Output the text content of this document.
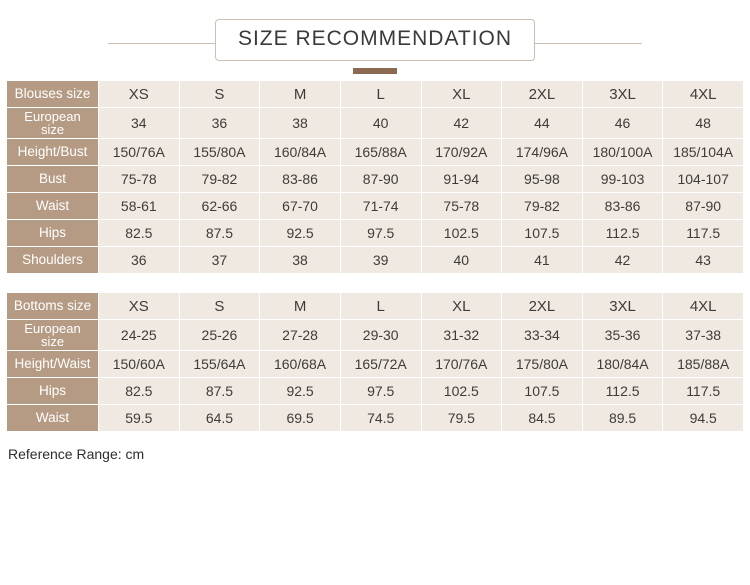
SIZE RECOMMENDATION
Blouses size	XS	S	M	L	XL	2XL	3XL	4XL
European
size	34	36	38	40	42	44	46	48
Height/Bust	150/76A	155/80A	160/84A	165/88A	170/92A	174/96A	180/100A	185/104A
Bust	75-78	79-82	83-86	87-90	91-94	95-98	99-103	104-107
Waist	58-61	62-66	67-70	71-74	75-78	79-82	83-86	87-90
Hips	82.5	87.5	92.5	97.5	102.5	107.5	112.5	117.5
Shoulders	36	37	38	39	40	41	42	43
Bottoms size	XS	S	M	L	XL	2XL	3XL	4XL
European
size	24-25	25-26	27-28	29-30	31-32	33-34	35-36	37-38
Height/Waist	150/60A	155/64A	160/68A	165/72A	170/76A	175/80A	180/84A	185/88A
Hips	82.5	87.5	92.5	97.5	102.5	107.5	112.5	117.5
Waist	59.5	64.5	69.5	74.5	79.5	84.5	89.5	94.5
Reference Range: cm
